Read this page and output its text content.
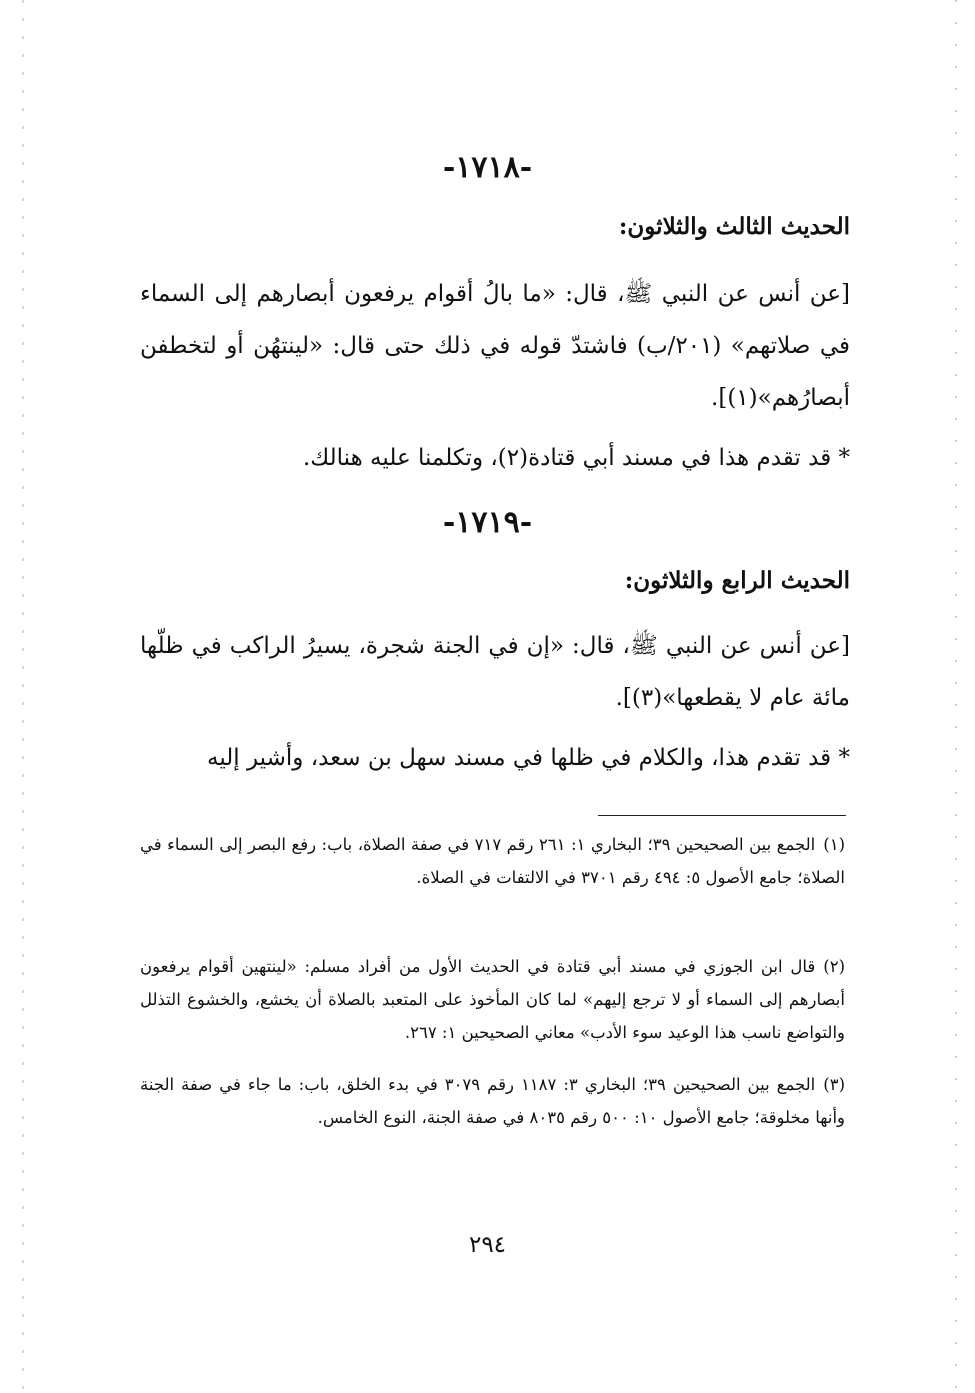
-١٧١٨-
الحديث الثالث والثلاثون:
[عن أنس عن النبي ﷺ، قال: «ما بالُ أقوام يرفعون أبصارهم إلى السماء في صلاتهم» (٢٠١/ب) فاشتدّ قوله في ذلك حتى قال: «لينتهُن أو لتخطفن أبصارُهم»(١)].
* قد تقدم هذا في مسند أبي قتادة(٢)، وتكلمنا عليه هنالك.
-١٧١٩-
الحديث الرابع والثلاثون:
[عن أنس عن النبي ﷺ، قال: «إن في الجنة شجرة، يسيرُ الراكب في ظلّها مائة عام لا يقطعها»(٣)].
* قد تقدم هذا، والكلام في ظلها في مسند سهل بن سعد، وأشير إليه
(١)الجمع بين الصحيحين ٣٩؛ البخاري ١: ٢٦١ رقم ٧١٧ في صفة الصلاة، باب: رفع البصر إلى السماء في الصلاة؛ جامع الأصول ٥: ٤٩٤ رقم ٣٧٠١ في الالتفات في الصلاة.
(٢)قال ابن الجوزي في مسند أبي قتادة في الحديث الأول من أفراد مسلم: «لينتهين أقوام يرفعون أبصارهم إلى السماء أو لا ترجع إليهم» لما كان المأخوذ على المتعبد بالصلاة أن يخشع، والخشوع التذلل والتواضع ناسب هذا الوعيد سوء الأدب» معاني الصحيحين ١: ٢٦٧.
(٣)الجمع بين الصحيحين ٣٩؛ البخاري ٣: ١١٨٧ رقم ٣٠٧٩ في بدء الخلق، باب: ما جاء في صفة الجنة وأنها مخلوقة؛ جامع الأصول ١٠: ٥٠٠ رقم ٨٠٣٥ في صفة الجنة، النوع الخامس.
٢٩٤
